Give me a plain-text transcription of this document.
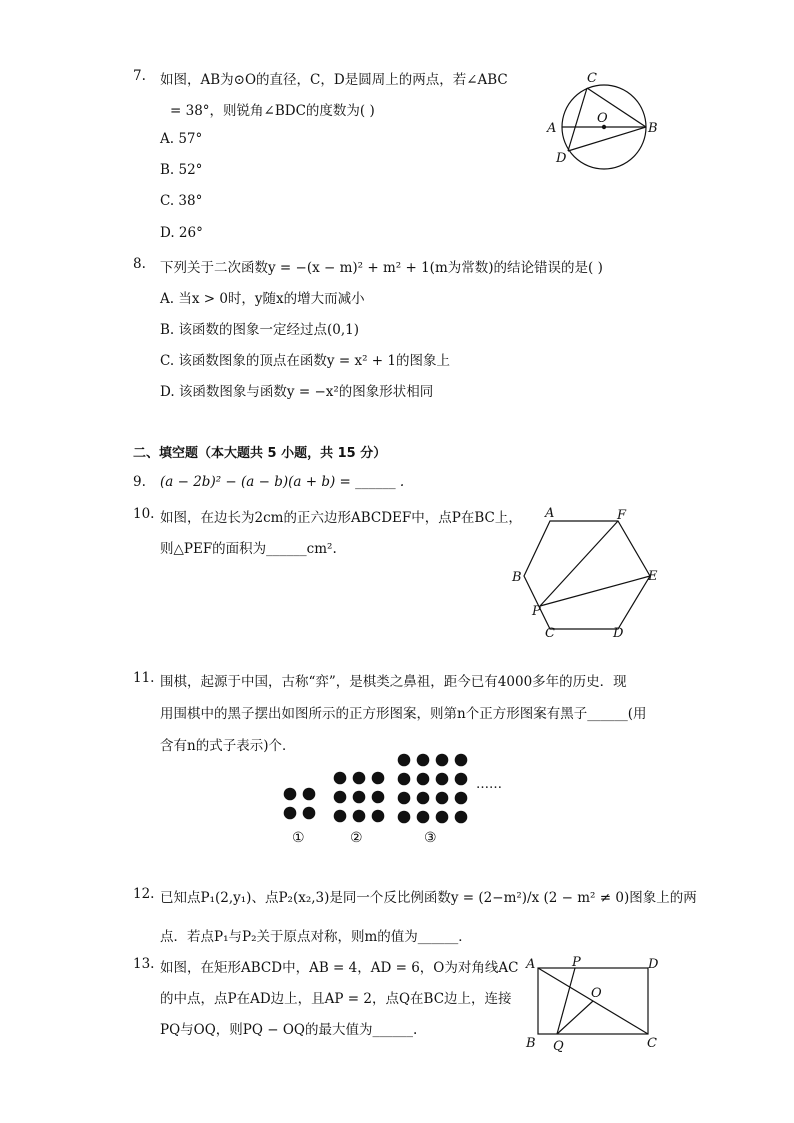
7. 如图，AB为⊙O的直径，C，D是圆周上的两点，若∠ABC
= 38°，则锐角∠BDC的度数为( )
A. 57°
B. 52°
C. 38°
D. 26°
C
O
A	B
D
8. 下列关于二次函数y = −(x − m)² + m² + 1(m为常数)的结论错误的是( )
A. 当x > 0时，y随x的增大而减小
B. 该函数的图象一定经过点(0,1)
C. 该函数图象的顶点在函数y = x² + 1的图象上
D. 该函数图象与函数y = −x²的图象形状相同
二、填空题（本大题共 5 小题，共 15 分）
9. (a − 2b)² − (a − b)(a + b) = ______ .
10. 如图，在边长为2cm的正六边形ABCDEF中，点P在BC上，
则△PEF的面积为______cm².
A	F
B	E
P
C	D
11. 围棋，起源于中国，古称“弈”，是棋类之鼻祖，距今已有4000多年的历史．现
用围棋中的黑子摆出如图所示的正方形图案，则第n个正方形图案有黑子______(用
含有n的式子表示)个．
……
①	②	③
12. 已知点P₁(2,y₁)、点P₂(x₂,3)是同一个反比例函数y = (2−m²)/x (2 − m² ≠ 0)图象上的两
点．若点P₁与P₂关于原点对称，则m的值为______．
13. 如图，在矩形ABCD中，AB = 4，AD = 6，O为对角线AC
的中点，点P在AD边上，且AP = 2，点Q在BC边上，连接
PQ与OQ，则PQ − OQ的最大值为______.
A	P	D
O
B Q	C
